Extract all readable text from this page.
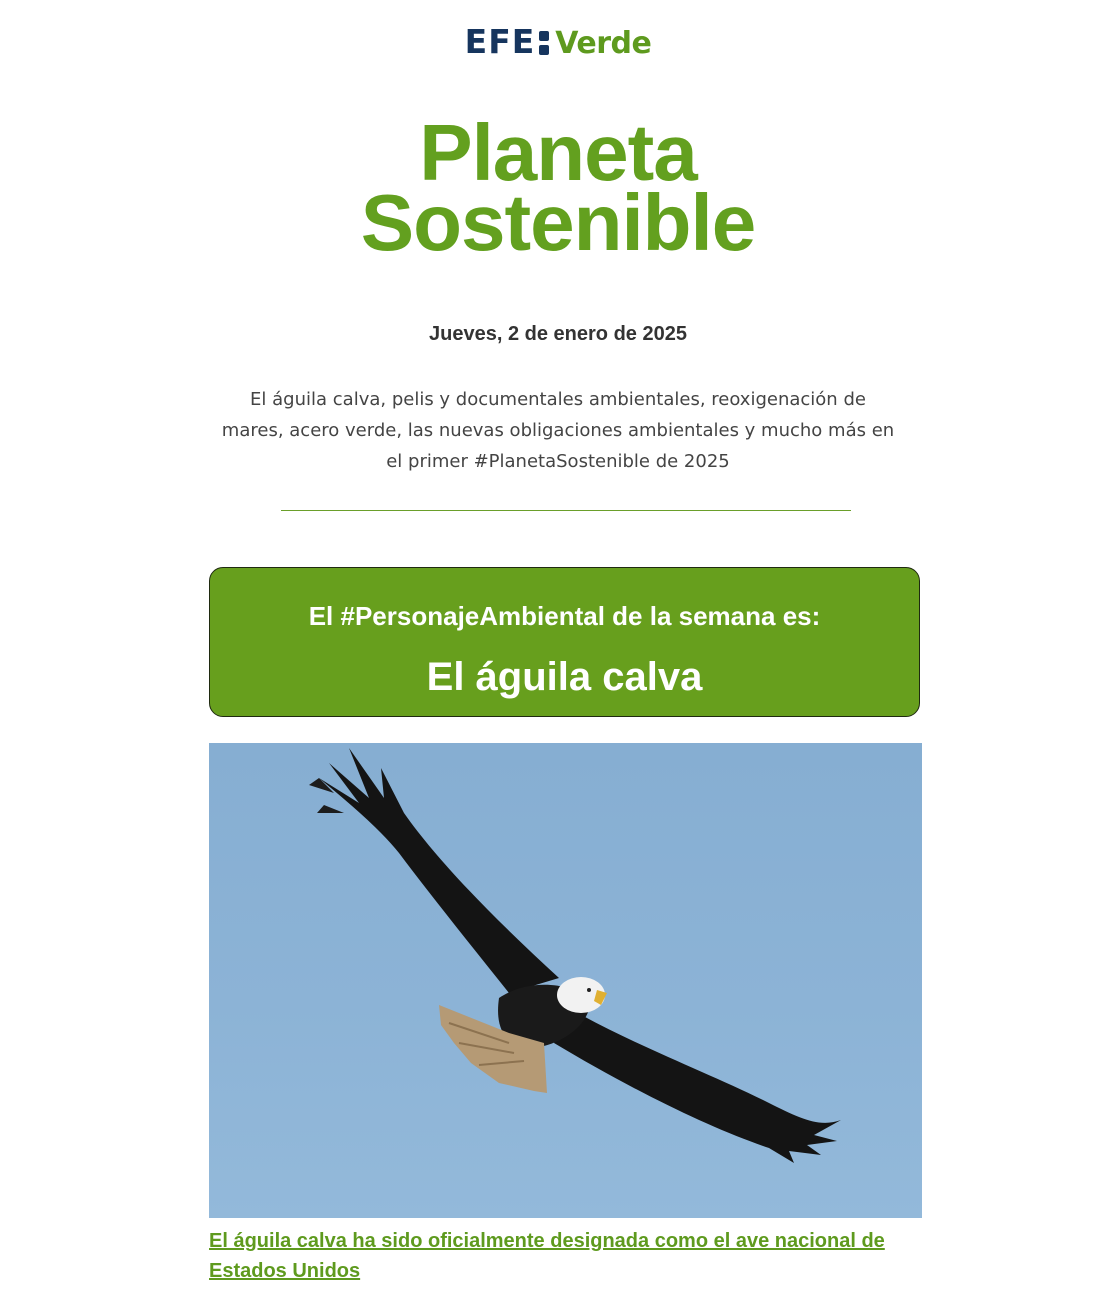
EFE Verde
Planeta
Sostenible
Jueves, 2 de enero de 2025
El águila calva, pelis y documentales ambientales, reoxigenación de mares, acero verde, las nuevas obligaciones ambientales y mucho más en el primer #PlanetaSostenible de 2025
El #PersonajeAmbiental de la semana es:
El águila calva
El águila calva ha sido oficialmente designada como el ave nacional de Estados Unidos
